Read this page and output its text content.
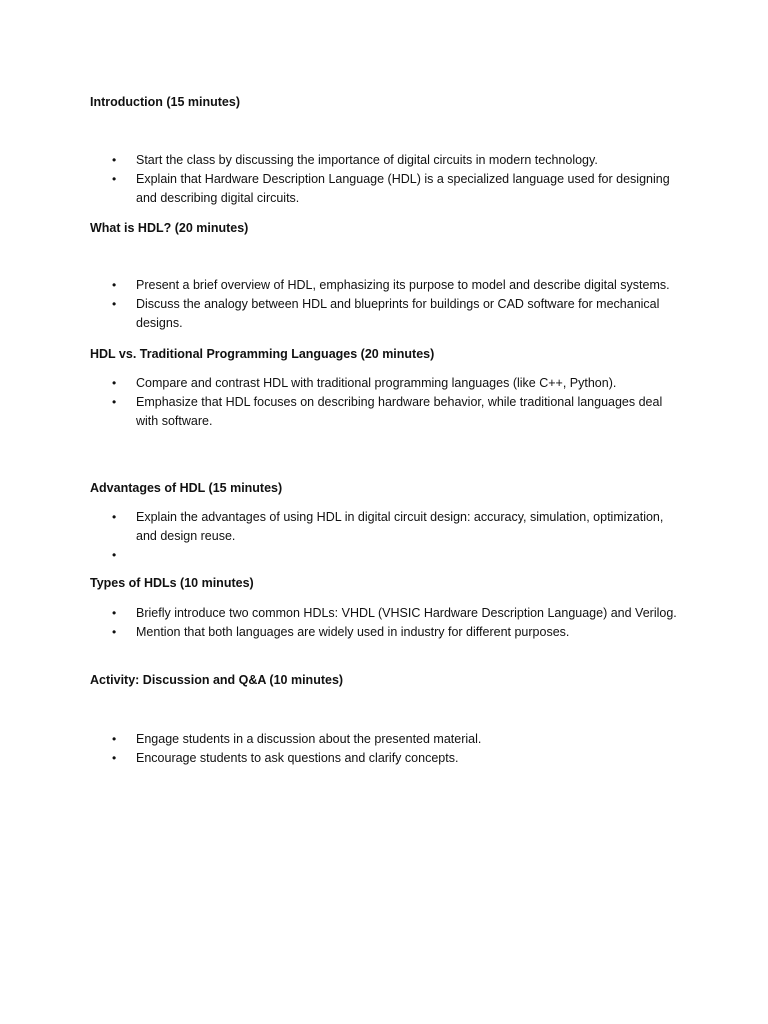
Introduction (15 minutes)
•
Start the class by discussing the importance of digital circuits in modern technology.
•
Explain that Hardware Description Language (HDL) is a specialized language used for designing and describing digital circuits.
What is HDL? (20 minutes)
•
Present a brief overview of HDL, emphasizing its purpose to model and describe digital systems.
•
Discuss the analogy between HDL and blueprints for buildings or CAD software for mechanical designs.
HDL vs. Traditional Programming Languages (20 minutes)
•
Compare and contrast HDL with traditional programming languages (like C++, Python).
•
Emphasize that HDL focuses on describing hardware behavior, while traditional languages deal with software.
Advantages of HDL (15 minutes)
•
Explain the advantages of using HDL in digital circuit design: accuracy, simulation, optimization, and design reuse.
•
Types of HDLs (10 minutes)
•
Briefly introduce two common HDLs: VHDL (VHSIC Hardware Description Language) and Verilog.
•
Mention that both languages are widely used in industry for different purposes.
Activity: Discussion and Q&A (10 minutes)
•
Engage students in a discussion about the presented material.
•
Encourage students to ask questions and clarify concepts.
